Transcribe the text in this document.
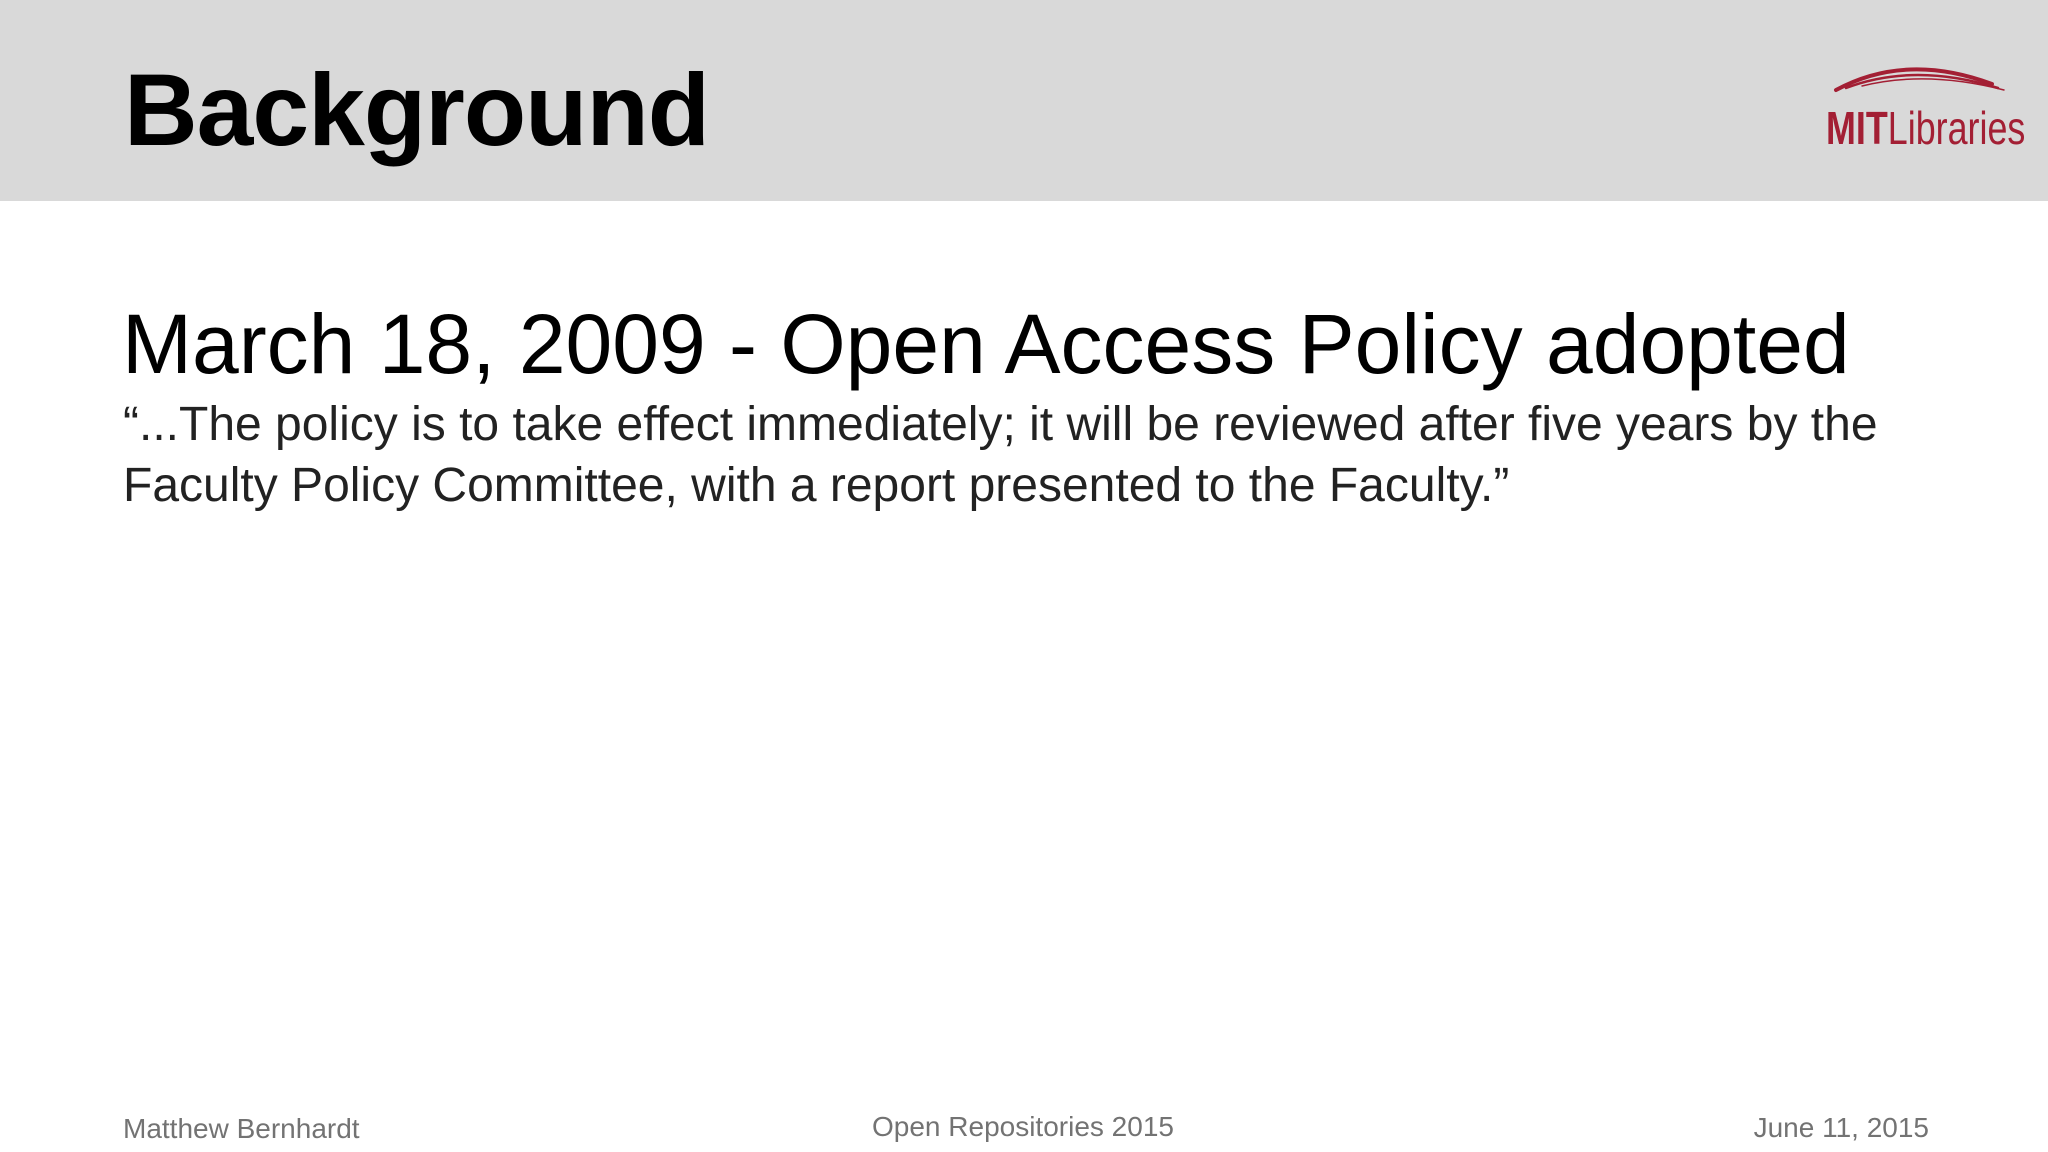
Background	MITLibraries
March 18, 2009 - Open Access Policy adopted

“...The policy is to take effect immediately; it will be reviewed after five years by the Faculty Policy Committee, with a report presented to the Faculty.”

Matthew Bernhardt	Open Repositories 2015	June 11, 2015
